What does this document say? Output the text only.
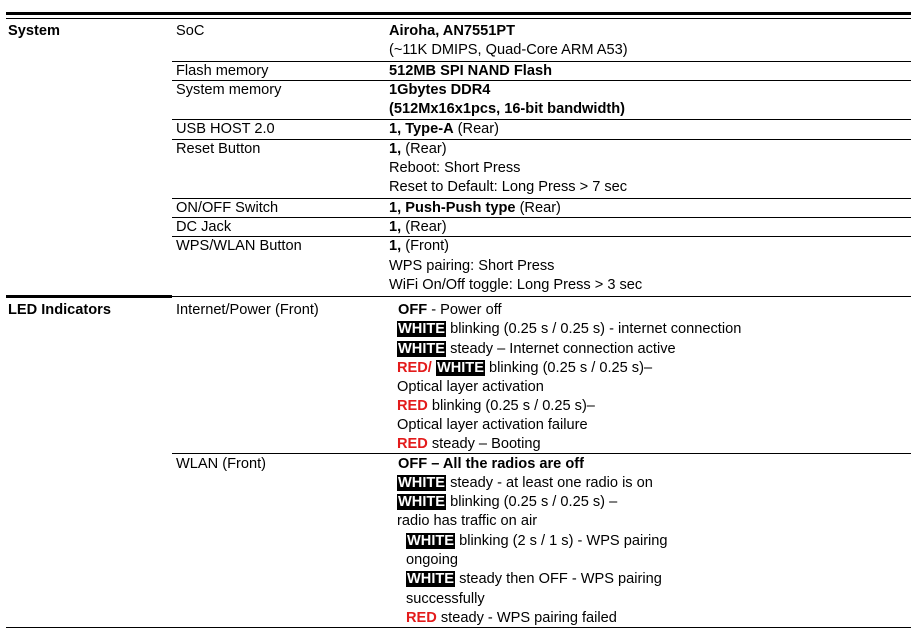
System
LED Indicators
SoC
Flash memory
System memory
USB HOST 2.0
Reset Button
ON/OFF Switch
DC Jack
WPS/WLAN Button
Airoha, AN7551PT
(~11K DMIPS, Quad-Core ARM A53)
512MB SPI NAND Flash
1Gbytes DDR4
(512Mx16x1pcs, 16-bit bandwidth)
1, Type-A (Rear)
1, (Rear)
Reboot: Short Press
Reset to Default: Long Press > 7 sec
1, Push-Push type (Rear)
1, (Rear)
1, (Front)
WPS pairing: Short Press
WiFi On/Off toggle: Long Press > 3 sec
Internet/Power (Front)
WLAN (Front)
OFF - Power off
WHITE blinking (0.25 s / 0.25 s) - internet connection
WHITE steady – Internet connection active
RED/ WHITE blinking (0.25 s / 0.25 s)–
Optical layer activation
RED blinking (0.25 s / 0.25 s)–
Optical layer activation failure
RED steady – Booting
OFF – All the radios are off
WHITE steady - at least one radio is on
WHITE blinking (0.25 s / 0.25 s) –
radio has traffic on air
WHITE blinking (2 s / 1 s) - WPS pairing
ongoing
WHITE steady then OFF - WPS pairing
successfully
RED steady - WPS pairing failed
